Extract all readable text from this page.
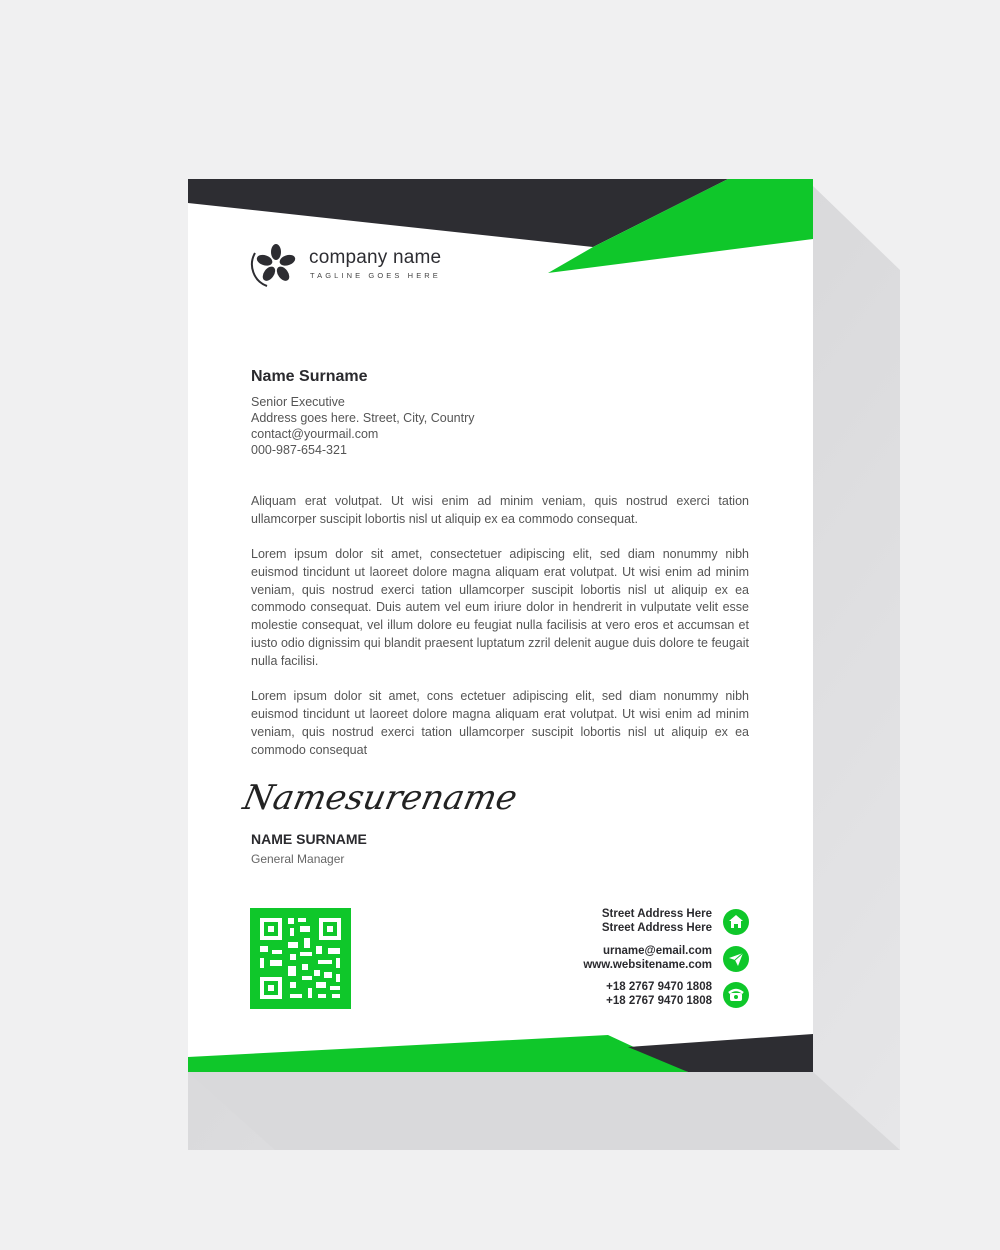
company name
TAGLINE GOES HERE
Name Surname
Senior Executive
Address goes here. Street, City, Country
contact@yourmail.com
000-987-654-321

Aliquam erat volutpat. Ut wisi enim ad minim veniam, quis nostrud exerci tation ullamcorper suscipit lobortis nisl ut aliquip ex ea commodo consequat.

Lorem ipsum dolor sit amet, consectetuer adipiscing elit, sed diam nonummy nibh euismod tincidunt ut laoreet dolore magna aliquam erat volutpat. Ut wisi enim ad minim veniam, quis nostrud exerci tation ullamcorper suscipit lobortis nisl ut aliquip ex ea commodo consequat. Duis autem vel eum iriure dolor in hendrerit in vulputate velit esse molestie consequat, vel illum dolore eu feugiat nulla facilisis at vero eros et accumsan et iusto odio dignissim qui blandit praesent luptatum zzril delenit augue duis dolore te feugait nulla facilisi.

Lorem ipsum dolor sit amet, cons ectetuer adipiscing elit, sed diam nonummy nibh euismod tincidunt ut laoreet dolore magna aliquam erat volutpat. Ut wisi enim ad minim veniam, quis nostrud exerci tation ullamcorper suscipit lobortis nisl ut aliquip ex ea commodo consequat

Namesurename
NAME SURNAME
General Manager
Street Address Here
Street Address Here
urname@email.com
www.websitename.com
+18 2767 9470 1808
+18 2767 9470 1808
